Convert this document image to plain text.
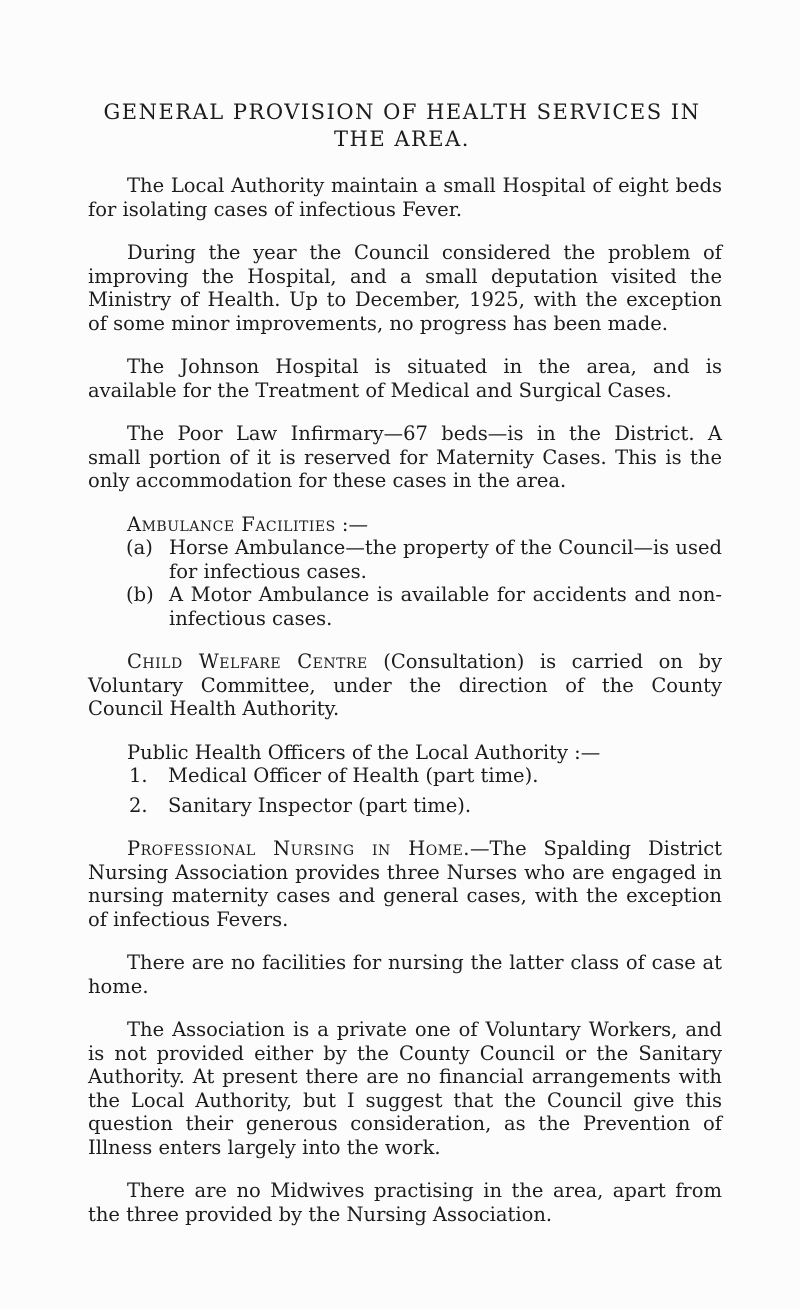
GENERAL PROVISION OF HEALTH SERVICES IN
THE AREA.

The Local Authority maintain a small Hospital of eight beds for isolating cases of infectious Fever.

During the year the Council considered the problem of improving the Hospital, and a small deputation visited the Ministry of Health. Up to December, 1925, with the exception of some minor improvements, no progress has been made.

The Johnson Hospital is situated in the area, and is available for the Treatment of Medical and Surgical Cases.

The Poor Law Infirmary—67 beds—is in the District. A small portion of it is reserved for Maternity Cases. This is the only accommodation for these cases in the area.

Ambulance Facilities :—

(a) Horse Ambulance—the property of the Council—is used for infectious cases.
(b) A Motor Ambulance is available for accidents and non-infectious cases.

Child Welfare Centre (Consultation) is carried on by Voluntary Committee, under the direction of the County Council Health Authority.

Public Health Officers of the Local Authority :—

1. Medical Officer of Health (part time).
2. Sanitary Inspector (part time).

Professional Nursing in Home.—The Spalding District Nursing Association provides three Nurses who are engaged in nursing maternity cases and general cases, with the exception of infectious Fevers.

There are no facilities for nursing the latter class of case at home.

The Association is a private one of Voluntary Workers, and is not provided either by the County Council or the Sanitary Authority. At present there are no financial arrangements with the Local Authority, but I suggest that the Council give this question their generous consideration, as the Prevention of Illness enters largely into the work.

There are no Midwives practising in the area, apart from the three provided by the Nursing Association.
